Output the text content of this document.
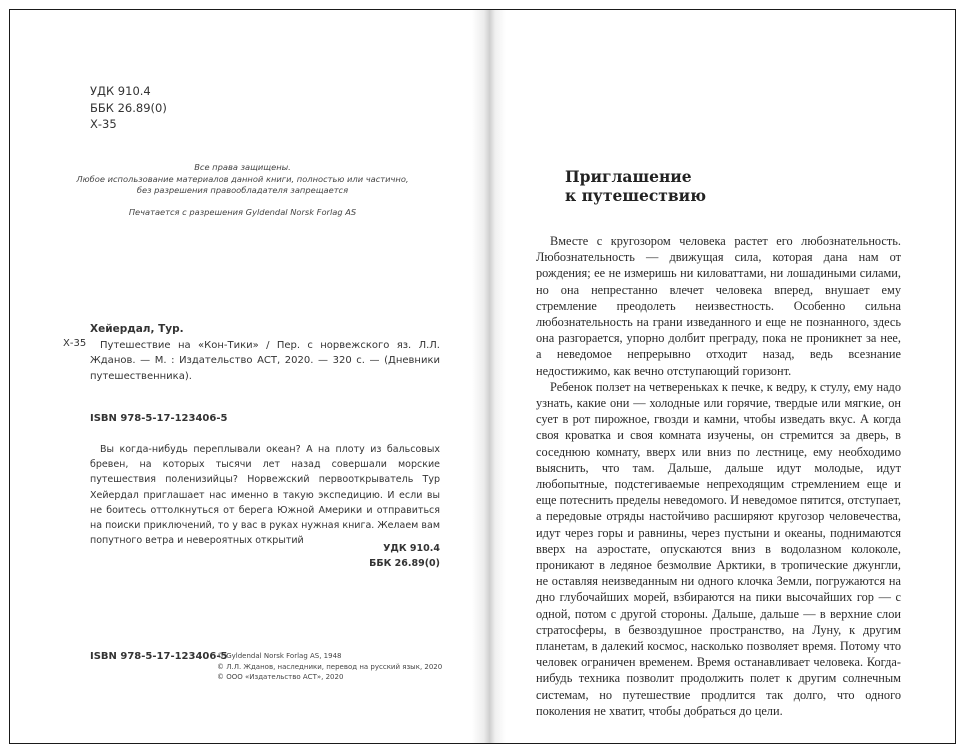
УДК 910.4
ББК 26.89(0)
Х-35
Все права защищены.
Любое использование материалов данной книги, полностью или частично,
без разрешения правообладателя запрещается
Печатается с разрешения Gyldendal Norsk Forlag AS
Х-35
Хейердал, Тур.
Путешествие на «Кон-Тики» / Пер. с норвежского яз. Л.Л. Жданов. — М. : Издательство АСТ, 2020. — 320 с. — (Дневники путешественника).
ISBN 978-5-17-123406-5
Вы когда-нибудь переплывали океан? А на плоту из бальсовых бревен, на которых тысячи лет назад совершали морские путешествия поленизийцы? Норвежский первооткрыватель Тур Хейердал приглашает нас именно в такую экспедицию. И если вы не боитесь оттолкнуться от берега Южной Америки и отправиться на поиски приключений, то у вас в руках нужная книга. Желаем вам попутного ветра и невероятных открытий
УДК 910.4
ББК 26.89(0)
ISBN 978-5-17-123406-5
© Gyldendal Norsk Forlag AS, 1948
© Л.Л. Жданов, наследники, перевод на русский язык, 2020
© ООО «Издательство АСТ», 2020
Приглашение
к путешествию

Вместе с кругозором человека растет его любознательность. Любознательность — движущая сила, которая дана нам от рождения; ее не измеришь ни киловаттами, ни лошадиными силами, но она непрестанно влечет человека вперед, внушает ему стремление преодолеть неизвестность. Особенно сильна любознательность на грани изведанного и еще не познанного, здесь она разгорается, упорно долбит преграду, пока не проникнет за нее, а неведомое непрерывно отходит назад, ведь всезнание недостижимо, как вечно отступающий горизонт.

Ребенок ползет на четвереньках к печке, к ведру, к стулу, ему надо узнать, какие они — холодные или горячие, твердые или мягкие, он сует в рот пирожное, гвозди и камни, чтобы изведать вкус. А когда своя кроватка и своя комната изучены, он стремится за дверь, в соседнюю комнату, вверх или вниз по лестнице, ему необходимо выяснить, что там. Дальше, дальше идут молодые, идут любопытные, подстегиваемые непреходящим стремлением еще и еще потеснить пределы неведомого. И неведомое пятится, отступает, а передовые отряды настойчиво расширяют кругозор человечества, идут через горы и равнины, через пустыни и океаны, поднимаются вверх на аэростате, опускаются вниз в водолазном колоколе, проникают в ледяное безмолвие Арктики, в тропические джунгли, не оставляя неизведанным ни одного клочка Земли, погружаются на дно глубочайших морей, взбираются на пики высочайших гор — с одной, потом с другой стороны. Дальше, дальше — в верхние слои стратосферы, в безвоздушное пространство, на Луну, к другим планетам, в далекий космос, насколько позволяет время. Потому что человек ограничен временем. Время останавливает человека. Когда-нибудь техника позволит продолжить полет к другим солнечным системам, но путешествие продлится так долго, что одного поколения не хватит, чтобы добраться до цели.
